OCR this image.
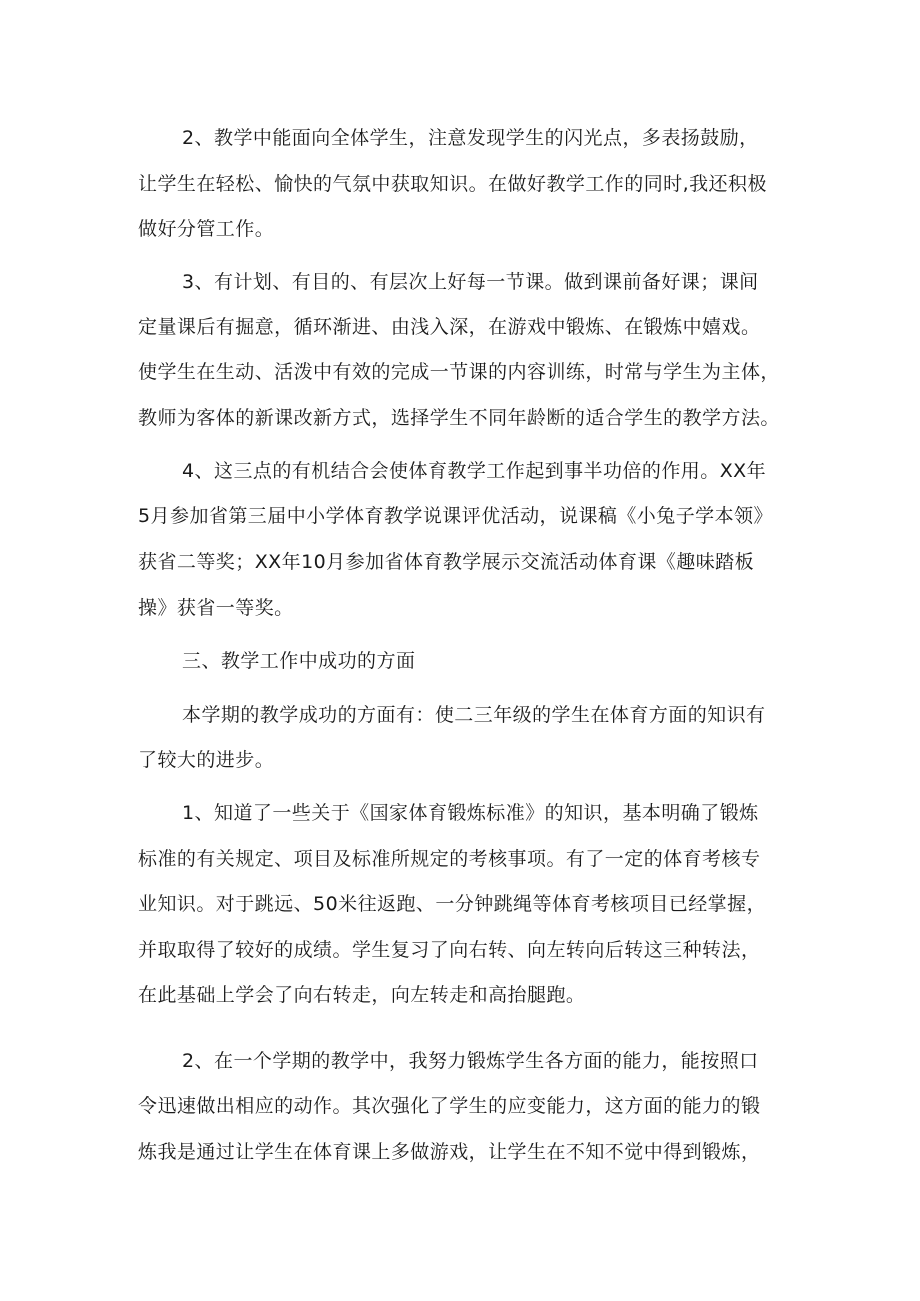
2、教学中能面向全体学生，注意发现学生的闪光点，多表扬鼓励，
让学生在轻松、愉快的气氛中获取知识。在做好教学工作的同时,我还积极
做好分管工作。
3、有计划、有目的、有层次上好每一节课。做到课前备好课；课间
定量课后有掘意，循环渐进、由浅入深，在游戏中锻炼、在锻炼中嬉戏。
使学生在生动、活泼中有效的完成一节课的内容训练，时常与学生为主体，
教师为客体的新课改新方式，选择学生不同年龄断的适合学生的教学方法。
4、这三点的有机结合会使体育教学工作起到事半功倍的作用。XX年
5月参加省第三届中小学体育教学说课评优活动，说课稿《小兔子学本领》
获省二等奖；XX年10月参加省体育教学展示交流活动体育课《趣味踏板
操》获省一等奖。
三、教学工作中成功的方面
本学期的教学成功的方面有：使二三年级的学生在体育方面的知识有
了较大的进步。
1、知道了一些关于《国家体育锻炼标准》的知识，基本明确了锻炼
标准的有关规定、项目及标准所规定的考核事项。有了一定的体育考核专
业知识。对于跳远、50米往返跑、一分钟跳绳等体育考核项目已经掌握，
并取取得了较好的成绩。学生复习了向右转、向左转向后转这三种转法，
在此基础上学会了向右转走，向左转走和高抬腿跑。
2、在一个学期的教学中，我努力锻炼学生各方面的能力，能按照口
令迅速做出相应的动作。其次强化了学生的应变能力，这方面的能力的锻
炼我是通过让学生在体育课上多做游戏，让学生在不知不觉中得到锻炼，
